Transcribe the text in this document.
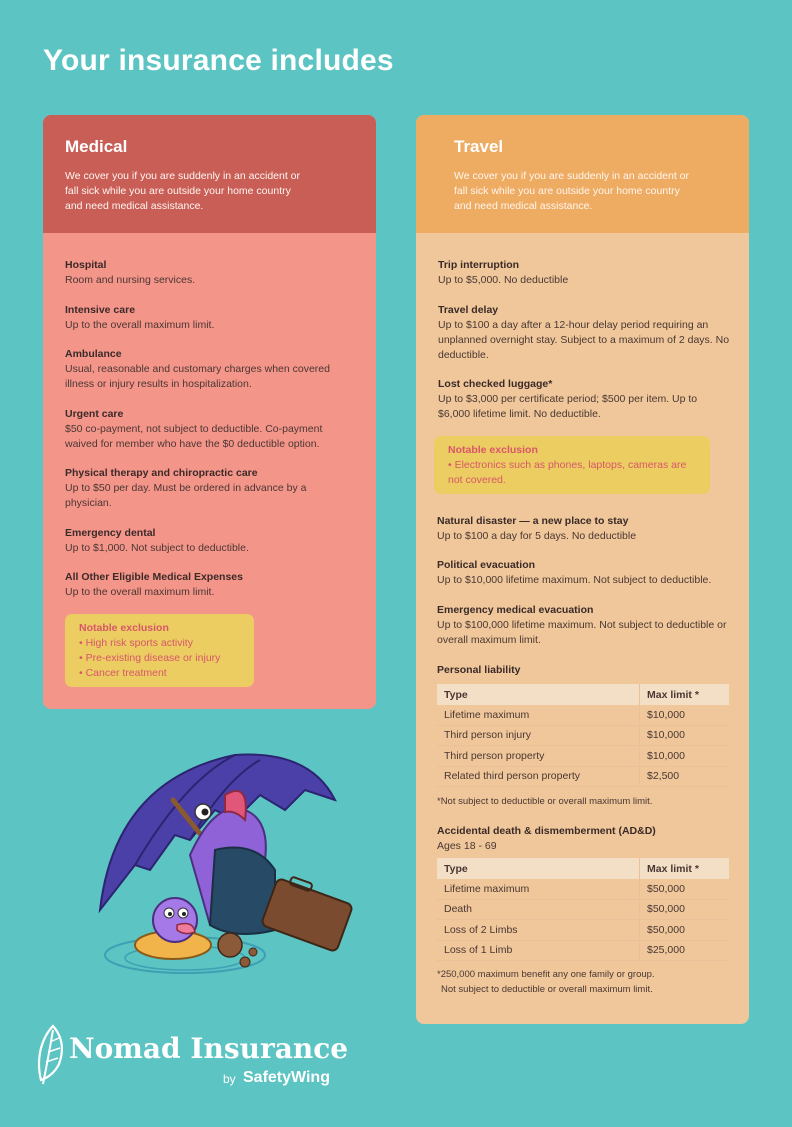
Your insurance includes
Medical
We cover you if you are suddenly in an accident or fall sick while you are outside your home country and need medical assistance.
Hospital
Room and nursing services.
Intensive care
Up to the overall maximum limit.
Ambulance
Usual, reasonable and customary charges when covered illness or injury results in hospitalization.
Urgent care
$50 co-payment, not subject to deductible. Co-payment waived for member who have the $0 deductible option.
Physical therapy and chiropractic care
Up to $50 per day. Must be ordered in advance by a physician.
Emergency dental
Up to $1,000. Not subject to deductible.
All Other Eligible Medical Expenses
Up to the overall maximum limit.
Notable exclusion
• High risk sports activity
• Pre-existing disease or injury
• Cancer treatment
Travel
We cover you if you are suddenly in an accident or fall sick while you are outside your home country and need medical assistance.
Trip interruption
Up to $5,000. No deductible
Travel delay
Up to $100 a day after a 12-hour delay period requiring an unplanned overnight stay. Subject to a maximum of 2 days. No deductible.
Lost checked luggage*
Up to $3,000 per certificate period; $500 per item. Up to $6,000 lifetime limit. No deductible.
Notable exclusion
• Electronics such as phones, laptops, cameras are not covered.
Natural disaster — a new place to stay
Up to $100 a day for 5 days. No deductible
Political evacuation
Up to $10,000 lifetime maximum. Not subject to deductible.
Emergency medical evacuation
Up to $100,000 lifetime maximum. Not subject to deductible or overall maximum limit.
Personal liability
Type	Max limit *
Lifetime maximum	$10,000
Third person injury	$10,000
Third person property	$10,000
Related third person property	$2,500
*Not subject to deductible or overall maximum limit.
Accidental death & dismemberment (AD&D)
Ages 18 - 69
Type	Max limit *
Lifetime maximum	$50,000
Death	$50,000
Loss of 2 Limbs	$50,000
Loss of 1 Limb	$25,000
*250,000 maximum benefit any one family or group.
Not subject to deductible or overall maximum limit.
Nomad Insurance
by SafetyWing
